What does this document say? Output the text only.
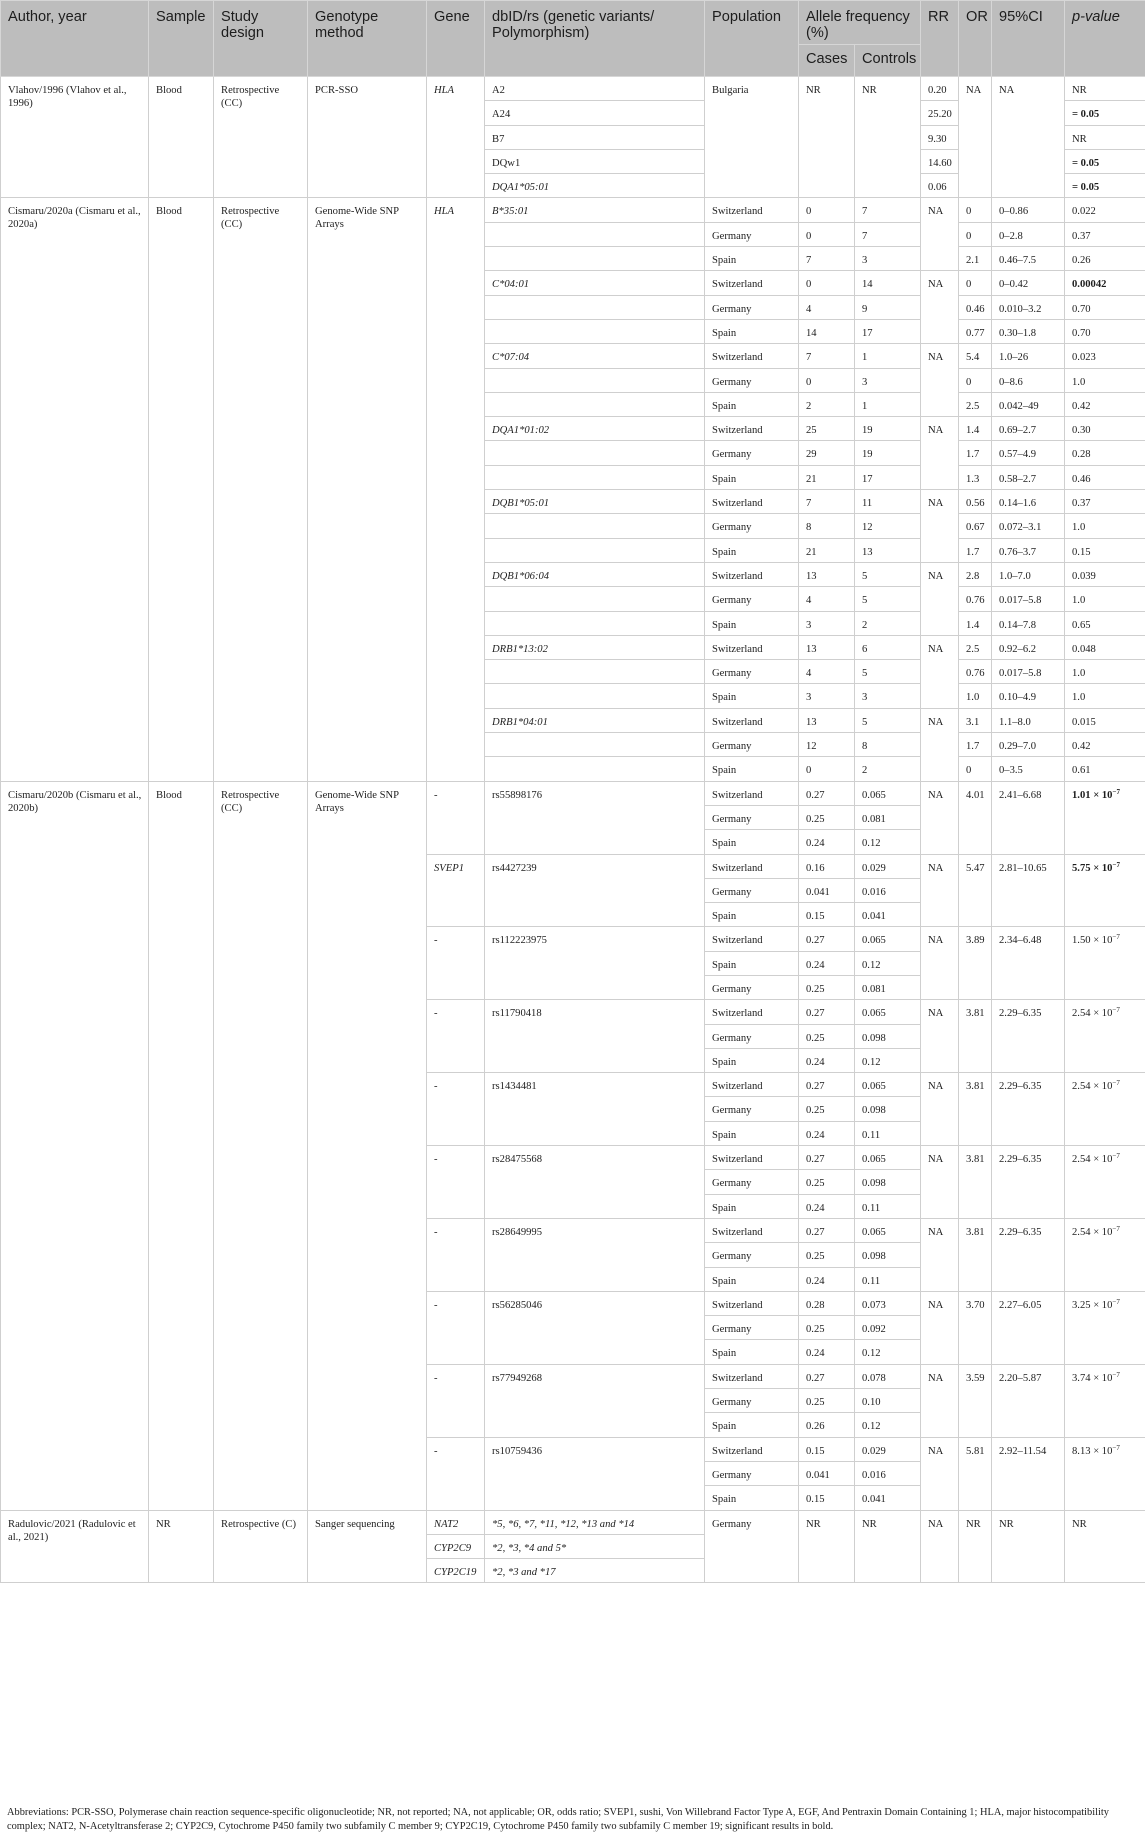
Author, year	Sample	Study design	Genotype method	Gene	dbID/rs (genetic variants/ Polymorphism)	Population	Allele frequency (%)		RR	OR	95%CI	p-value
							Cases	Controls				
Vlahov/1996 (Vlahov et al., 1996)	Blood	Retrospective (CC)	PCR-SSO	HLA	A2	Bulgaria	NR	NR	0.20	NA	NA	NR
					A24				25.20			= 0.05
					B7				9.30			NR
					DQw1				14.60			= 0.05
					DQA1*05:01				0.06			= 0.05
Cismaru/2020a (Cismaru et al., 2020a)	Blood	Retrospective (CC)	Genome-Wide SNP Arrays	HLA	B*35:01	Switzerland	0	7	NA	0	0–0.86	0.022
						Germany	0	7		0	0–2.8	0.37
						Spain	7	3		2.1	0.46–7.5	0.26
					C*04:01	Switzerland	0	14	NA	0	0–0.42	0.00042
						Germany	4	9		0.46	0.010–3.2	0.70
						Spain	14	17		0.77	0.30–1.8	0.70
					C*07:04	Switzerland	7	1	NA	5.4	1.0–26	0.023
						Germany	0	3		0	0–8.6	1.0
						Spain	2	1		2.5	0.042–49	0.42
					DQA1*01:02	Switzerland	25	19	NA	1.4	0.69–2.7	0.30
						Germany	29	19		1.7	0.57–4.9	0.28
						Spain	21	17		1.3	0.58–2.7	0.46
					DQB1*05:01	Switzerland	7	11	NA	0.56	0.14–1.6	0.37
						Germany	8	12		0.67	0.072–3.1	1.0
						Spain	21	13		1.7	0.76–3.7	0.15
					DQB1*06:04	Switzerland	13	5	NA	2.8	1.0–7.0	0.039
						Germany	4	5		0.76	0.017–5.8	1.0
						Spain	3	2		1.4	0.14–7.8	0.65
					DRB1*13:02	Switzerland	13	6	NA	2.5	0.92–6.2	0.048
						Germany	4	5		0.76	0.017–5.8	1.0
						Spain	3	3		1.0	0.10–4.9	1.0
					DRB1*04:01	Switzerland	13	5	NA	3.1	1.1–8.0	0.015
						Germany	12	8		1.7	0.29–7.0	0.42
						Spain	0	2		0	0–3.5	0.61
Cismaru/2020b (Cismaru et al., 2020b)	Blood	Retrospective (CC)	Genome-Wide SNP Arrays	-	rs55898176	Switzerland	0.27	0.065	NA	4.01	2.41–6.68	$1.01 \times 10^{-7}$
						Germany	0.25	0.081				
						Spain	0.24	0.12				
				SVEP1	rs4427239	Switzerland	0.16	0.029	NA	5.47	2.81–10.65	$5.75 \times 10^{-7}$
						Germany	0.041	0.016				
						Spain	0.15	0.041				
				-	rs112223975	Switzerland	0.27	0.065	NA	3.89	2.34–6.48	$1.50 \times 10^{-7}$
						Spain	0.24	0.12				
						Germany	0.25	0.081				
				-	rs11790418	Switzerland	0.27	0.065	NA	3.81	2.29–6.35	$2.54 \times 10^{-7}$
						Germany	0.25	0.098				
						Spain	0.24	0.12				
				-	rs1434481	Switzerland	0.27	0.065	NA	3.81	2.29–6.35	$2.54 \times 10^{-7}$
						Germany	0.25	0.098				
						Spain	0.24	0.11				
				-	rs28475568	Switzerland	0.27	0.065	NA	3.81	2.29–6.35	$2.54 \times 10^{-7}$
						Germany	0.25	0.098				
						Spain	0.24	0.11				
				-	rs28649995	Switzerland	0.27	0.065	NA	3.81	2.29–6.35	$2.54 \times 10^{-7}$
						Germany	0.25	0.098				
						Spain	0.24	0.11				
				-	rs56285046	Switzerland	0.28	0.073	NA	3.70	2.27–6.05	$3.25 \times 10^{-7}$
						Germany	0.25	0.092				
						Spain	0.24	0.12				
				-	rs77949268	Switzerland	0.27	0.078	NA	3.59	2.20–5.87	$3.74 \times 10^{-7}$
						Germany	0.25	0.10				
						Spain	0.26	0.12				
				-	rs10759436	Switzerland	0.15	0.029	NA	5.81	2.92–11.54	$8.13 \times 10^{-7}$
						Germany	0.041	0.016				
						Spain	0.15	0.041				
Radulovic/2021 (Radulovic et al., 2021)	NR	Retrospective (C)	Sanger sequencing	NAT2	*5, *6, *7, *11, *12, *13 and *14	Germany	NR	NR	NA	NR	NR	NR
				CYP2C9	*2, *3, *4 and 5*							
				CYP2C19	*2, *3 and *17							

Abbreviations: PCR-SSO, Polymerase chain reaction sequence-specific oligonucleotide; NR, not reported; NA, not applicable; OR, odds ratio; SVEP1, sushi, Von Willebrand Factor Type A, EGF, And Pentraxin Domain Containing 1; HLA, major histocompatibility complex; NAT2, N-Acetyltransferase 2; CYP2C9, Cytochrome P450 family two subfamily C member 9; CYP2C19, Cytochrome P450 family two subfamily C member 19; significant results in bold.
